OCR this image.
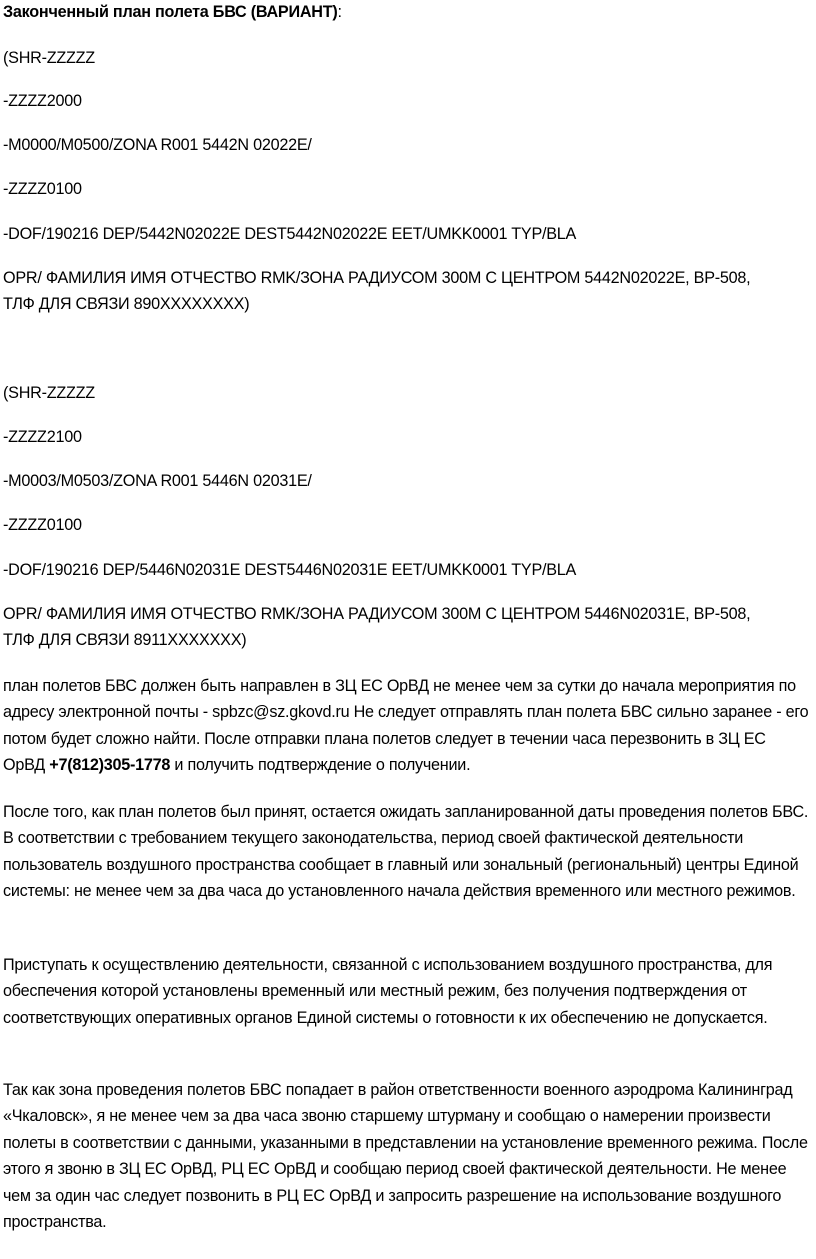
Законченный план полета БВС (ВАРИАНТ):
(SHR-ZZZZZ
-ZZZZ2000
-M0000/M0500/ZONA R001 5442N 02022E/
-ZZZZ0100
-DOF/190216 DEP/5442N02022E DEST5442N02022E EET/UMKK0001 TYP/BLA
OPR/ ФАМИЛИЯ ИМЯ ОТЧЕСТВО RMK/ЗОНА РАДИУСОМ 300М С ЦЕНТРОМ 5442N02022E, ВР-508,
ТЛФ ДЛЯ СВЯЗИ 890XXXXXXXX)
(SHR-ZZZZZ
-ZZZZ2100
-M0003/M0503/ZONA R001 5446N 02031E/
-ZZZZ0100
-DOF/190216 DEP/5446N02031E DEST5446N02031E EET/UMKK0001 TYP/BLA
OPR/ ФАМИЛИЯ ИМЯ ОТЧЕСТВО RMK/ЗОНА РАДИУСОМ 300М С ЦЕНТРОМ 5446N02031E, ВР-508,
ТЛФ ДЛЯ СВЯЗИ 8911XXXXXXX)
план полетов БВС должен быть направлен в ЗЦ ЕС ОрВД не менее чем за сутки до начала мероприятия по адресу электронной почты - spbzc@sz.gkovd.ru Не следует отправлять план полета БВС сильно заранее - его потом будет сложно найти. После отправки плана полетов следует в течении часа перезвонить в ЗЦ ЕС ОрВД +7(812)305-1778 и получить подтверждение о получении.
После того, как план полетов был принят, остается ожидать запланированной даты проведения полетов БВС. В соответствии с требованием текущего законодательства, период своей фактической деятельности пользователь воздушного пространства сообщает в главный или зональный (региональный) центры Единой системы: не менее чем за два часа до установленного начала действия временного или местного режимов.
Приступать к осуществлению деятельности, связанной с использованием воздушного пространства, для обеспечения которой установлены временный или местный режим, без получения подтверждения от соответствующих оперативных органов Единой системы о готовности к их обеспечению не допускается.
Так как зона проведения полетов БВС попадает в район ответственности военного аэродрома Калининград «Чкаловск», я не менее чем за два часа звоню старшему штурману и сообщаю о намерении произвести полеты в соответствии с данными, указанными в представлении на установление временного режима. После этого я звоню в ЗЦ ЕС ОрВД, РЦ ЕС ОрВД и сообщаю период своей фактической деятельности. Не менее чем за один час следует позвонить в РЦ ЕС ОрВД и запросить разрешение на использование воздушного пространства.
